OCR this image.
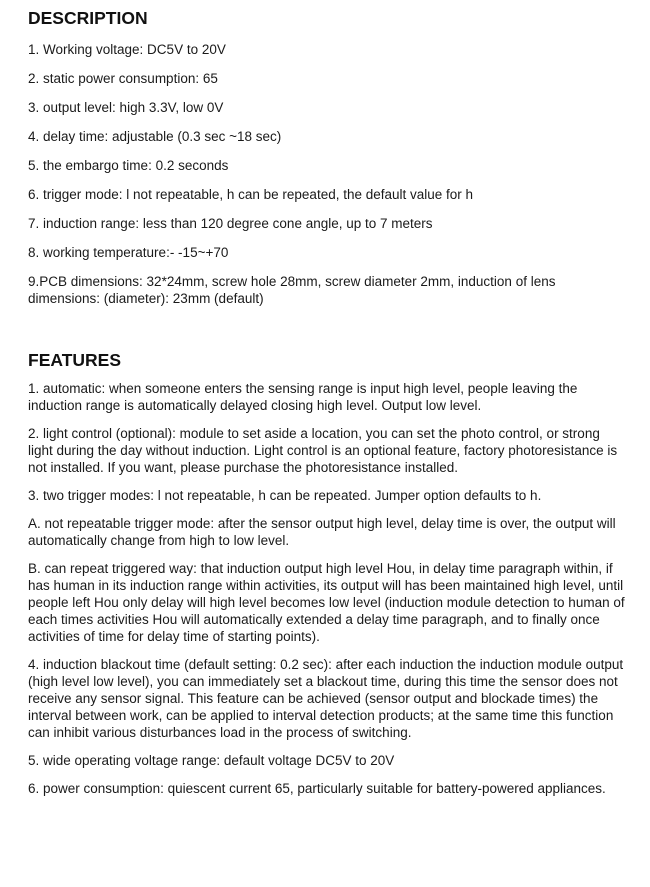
DESCRIPTION
1. Working voltage: DC5V to 20V
2. static power consumption: 65
3. output level: high 3.3V, low 0V
4. delay time: adjustable (0.3 sec ~18 sec)
5. the embargo time: 0.2 seconds
6. trigger mode: l not repeatable, h can be repeated, the default value for h
7. induction range: less than 120 degree cone angle, up to 7 meters
8. working temperature:- -15~+70
9.PCB dimensions: 32*24mm, screw hole 28mm, screw diameter 2mm, induction of lens dimensions: (diameter): 23mm (default)
FEATURES
1. automatic: when someone enters the sensing range is input high level, people leaving the induction range is automatically delayed closing high level. Output low level.
2. light control (optional): module to set aside a location, you can set the photo control, or strong light during the day without induction. Light control is an optional feature, factory photoresistance is not installed. If you want, please purchase the photoresistance installed.
3. two trigger modes: l not repeatable, h can be repeated. Jumper option defaults to h.
A. not repeatable trigger mode: after the sensor output high level, delay time is over, the output will automatically change from high to low level.
B. can repeat triggered way: that induction output high level Hou, in delay time paragraph within, if has human in its induction range within activities, its output will has been maintained high level, until people left Hou only delay will high level becomes low level (induction module detection to human of each times activities Hou will automatically extended a delay time paragraph, and to finally once activities of time for delay time of starting points).
4. induction blackout time (default setting: 0.2 sec): after each induction the induction module output (high level low level), you can immediately set a blackout time, during this time the sensor does not receive any sensor signal. This feature can be achieved (sensor output and blockade times) the interval between work, can be applied to interval detection products; at the same time this function can inhibit various disturbances load in the process of switching.
5. wide operating voltage range: default voltage DC5V to 20V
6. power consumption: quiescent current 65, particularly suitable for battery-powered appliances.
